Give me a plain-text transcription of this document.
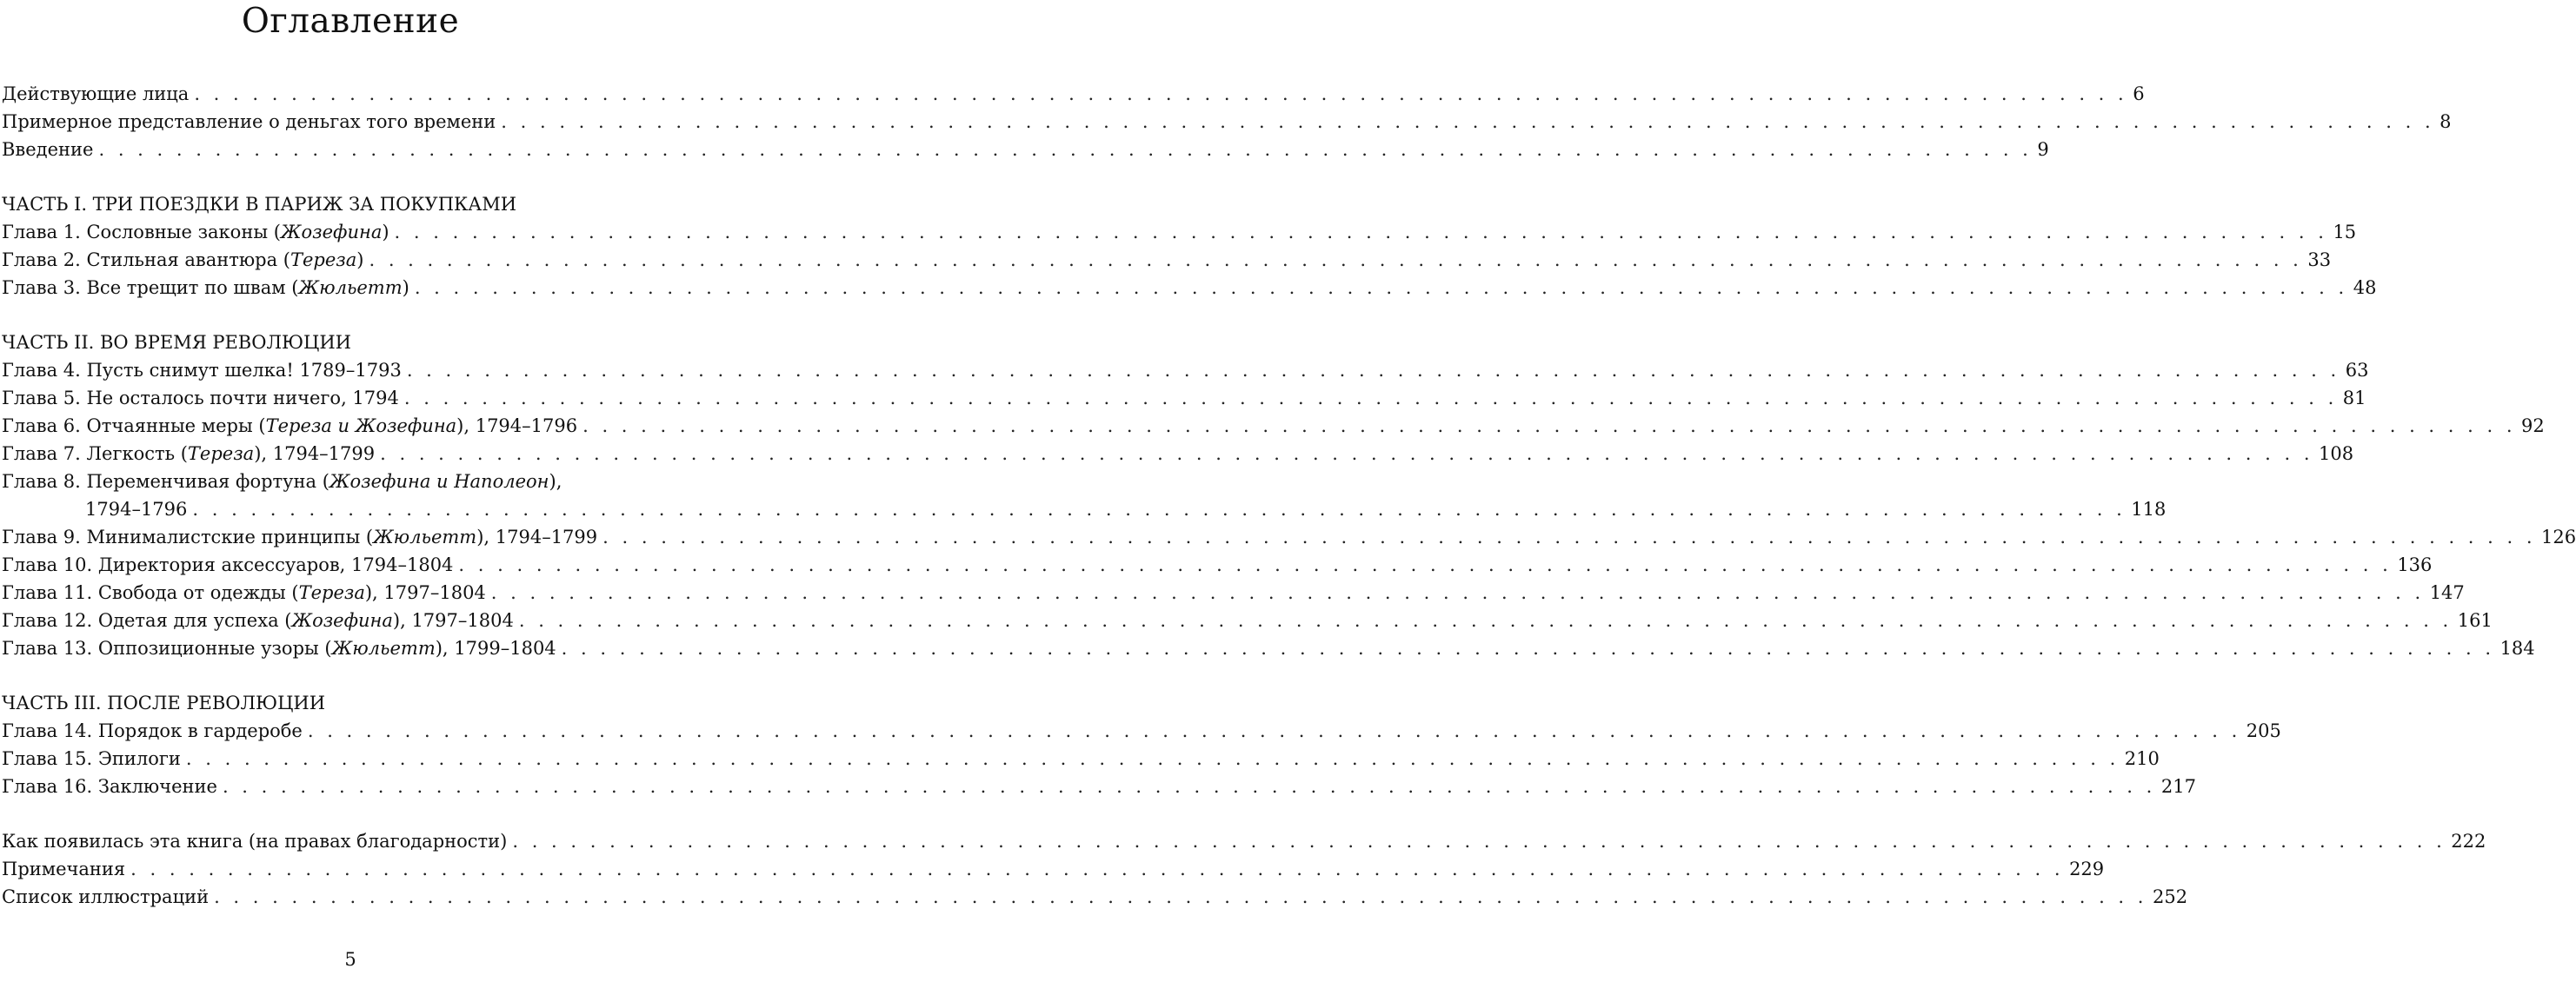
Оглавление
Действующие лица . . . . . . . . . . . . . . . . . . . . . . . . . . . . . . . . . . . . . . . . . . . . . . . . . . . . . . . . . . . . . . . . . . . . . . . . . . . . . . . . . . . . . . . . . . . . . . . . . . . . 6
Примерное представление о деньгах того времени . . . . . . . . . . . . . . . . . . . . . . . . . . . . . . . . . . . . . . . . . . . . . . . . . . . . . . . . . . . . . . . . . . . . . . . . . . . . . . . . . . . . . . . . . . . . . . . . . . . . 8
Введение . . . . . . . . . . . . . . . . . . . . . . . . . . . . . . . . . . . . . . . . . . . . . . . . . . . . . . . . . . . . . . . . . . . . . . . . . . . . . . . . . . . . . . . . . . . . . . . . . . . . 9
ЧАСТЬ I. ТРИ ПОЕЗДКИ В ПАРИЖ ЗА ПОКУПКАМИ
Глава 1. Сословные законы (Жозефина) . . . . . . . . . . . . . . . . . . . . . . . . . . . . . . . . . . . . . . . . . . . . . . . . . . . . . . . . . . . . . . . . . . . . . . . . . . . . . . . . . . . . . . . . . . . . . . . . . . . . 15
Глава 2. Стильная авантюра (Тереза) . . . . . . . . . . . . . . . . . . . . . . . . . . . . . . . . . . . . . . . . . . . . . . . . . . . . . . . . . . . . . . . . . . . . . . . . . . . . . . . . . . . . . . . . . . . . . . . . . . . . 33
Глава 3. Все трещит по швам (Жюльетт) . . . . . . . . . . . . . . . . . . . . . . . . . . . . . . . . . . . . . . . . . . . . . . . . . . . . . . . . . . . . . . . . . . . . . . . . . . . . . . . . . . . . . . . . . . . . . . . . . . . . 48
ЧАСТЬ II. ВО ВРЕМЯ РЕВОЛЮЦИИ
Глава 4. Пусть снимут шелка! 1789–1793 . . . . . . . . . . . . . . . . . . . . . . . . . . . . . . . . . . . . . . . . . . . . . . . . . . . . . . . . . . . . . . . . . . . . . . . . . . . . . . . . . . . . . . . . . . . . . . . . . . . . 63
Глава 5. Не осталось почти ничего, 1794 . . . . . . . . . . . . . . . . . . . . . . . . . . . . . . . . . . . . . . . . . . . . . . . . . . . . . . . . . . . . . . . . . . . . . . . . . . . . . . . . . . . . . . . . . . . . . . . . . . . . 81
Глава 6. Отчаянные меры (Тереза и Жозефина), 1794–1796 . . . . . . . . . . . . . . . . . . . . . . . . . . . . . . . . . . . . . . . . . . . . . . . . . . . . . . . . . . . . . . . . . . . . . . . . . . . . . . . . . . . . . . . . . . . . . . . . . . . . 92
Глава 7. Легкость (Тереза), 1794–1799 . . . . . . . . . . . . . . . . . . . . . . . . . . . . . . . . . . . . . . . . . . . . . . . . . . . . . . . . . . . . . . . . . . . . . . . . . . . . . . . . . . . . . . . . . . . . . . . . . . . . 108
Глава 8. Переменчивая фортуна (Жозефина и Наполеон),
1794–1796 . . . . . . . . . . . . . . . . . . . . . . . . . . . . . . . . . . . . . . . . . . . . . . . . . . . . . . . . . . . . . . . . . . . . . . . . . . . . . . . . . . . . . . . . . . . . . . . . . . . . 118
Глава 9. Минималистские принципы (Жюльетт), 1794–1799 . . . . . . . . . . . . . . . . . . . . . . . . . . . . . . . . . . . . . . . . . . . . . . . . . . . . . . . . . . . . . . . . . . . . . . . . . . . . . . . . . . . . . . . . . . . . . . . . . . . . 126
Глава 10. Директория аксессуаров, 1794–1804 . . . . . . . . . . . . . . . . . . . . . . . . . . . . . . . . . . . . . . . . . . . . . . . . . . . . . . . . . . . . . . . . . . . . . . . . . . . . . . . . . . . . . . . . . . . . . . . . . . . . 136
Глава 11. Свобода от одежды (Тереза), 1797–1804 . . . . . . . . . . . . . . . . . . . . . . . . . . . . . . . . . . . . . . . . . . . . . . . . . . . . . . . . . . . . . . . . . . . . . . . . . . . . . . . . . . . . . . . . . . . . . . . . . . . . 147
Глава 12. Одетая для успеха (Жозефина), 1797–1804 . . . . . . . . . . . . . . . . . . . . . . . . . . . . . . . . . . . . . . . . . . . . . . . . . . . . . . . . . . . . . . . . . . . . . . . . . . . . . . . . . . . . . . . . . . . . . . . . . . . . 161
Глава 13. Оппозиционные узоры (Жюльетт), 1799–1804 . . . . . . . . . . . . . . . . . . . . . . . . . . . . . . . . . . . . . . . . . . . . . . . . . . . . . . . . . . . . . . . . . . . . . . . . . . . . . . . . . . . . . . . . . . . . . . . . . . . . 184
ЧАСТЬ III. ПОСЛЕ РЕВОЛЮЦИИ
Глава 14. Порядок в гардеробе . . . . . . . . . . . . . . . . . . . . . . . . . . . . . . . . . . . . . . . . . . . . . . . . . . . . . . . . . . . . . . . . . . . . . . . . . . . . . . . . . . . . . . . . . . . . . . . . . . . . 205
Глава 15. Эпилоги . . . . . . . . . . . . . . . . . . . . . . . . . . . . . . . . . . . . . . . . . . . . . . . . . . . . . . . . . . . . . . . . . . . . . . . . . . . . . . . . . . . . . . . . . . . . . . . . . . . . 210
Глава 16. Заключение . . . . . . . . . . . . . . . . . . . . . . . . . . . . . . . . . . . . . . . . . . . . . . . . . . . . . . . . . . . . . . . . . . . . . . . . . . . . . . . . . . . . . . . . . . . . . . . . . . . . 217
Как появилась эта книга (на правах благодарности) . . . . . . . . . . . . . . . . . . . . . . . . . . . . . . . . . . . . . . . . . . . . . . . . . . . . . . . . . . . . . . . . . . . . . . . . . . . . . . . . . . . . . . . . . . . . . . . . . . . . 222
Примечания . . . . . . . . . . . . . . . . . . . . . . . . . . . . . . . . . . . . . . . . . . . . . . . . . . . . . . . . . . . . . . . . . . . . . . . . . . . . . . . . . . . . . . . . . . . . . . . . . . . . 229
Список иллюстраций . . . . . . . . . . . . . . . . . . . . . . . . . . . . . . . . . . . . . . . . . . . . . . . . . . . . . . . . . . . . . . . . . . . . . . . . . . . . . . . . . . . . . . . . . . . . . . . . . . . . 252
5
